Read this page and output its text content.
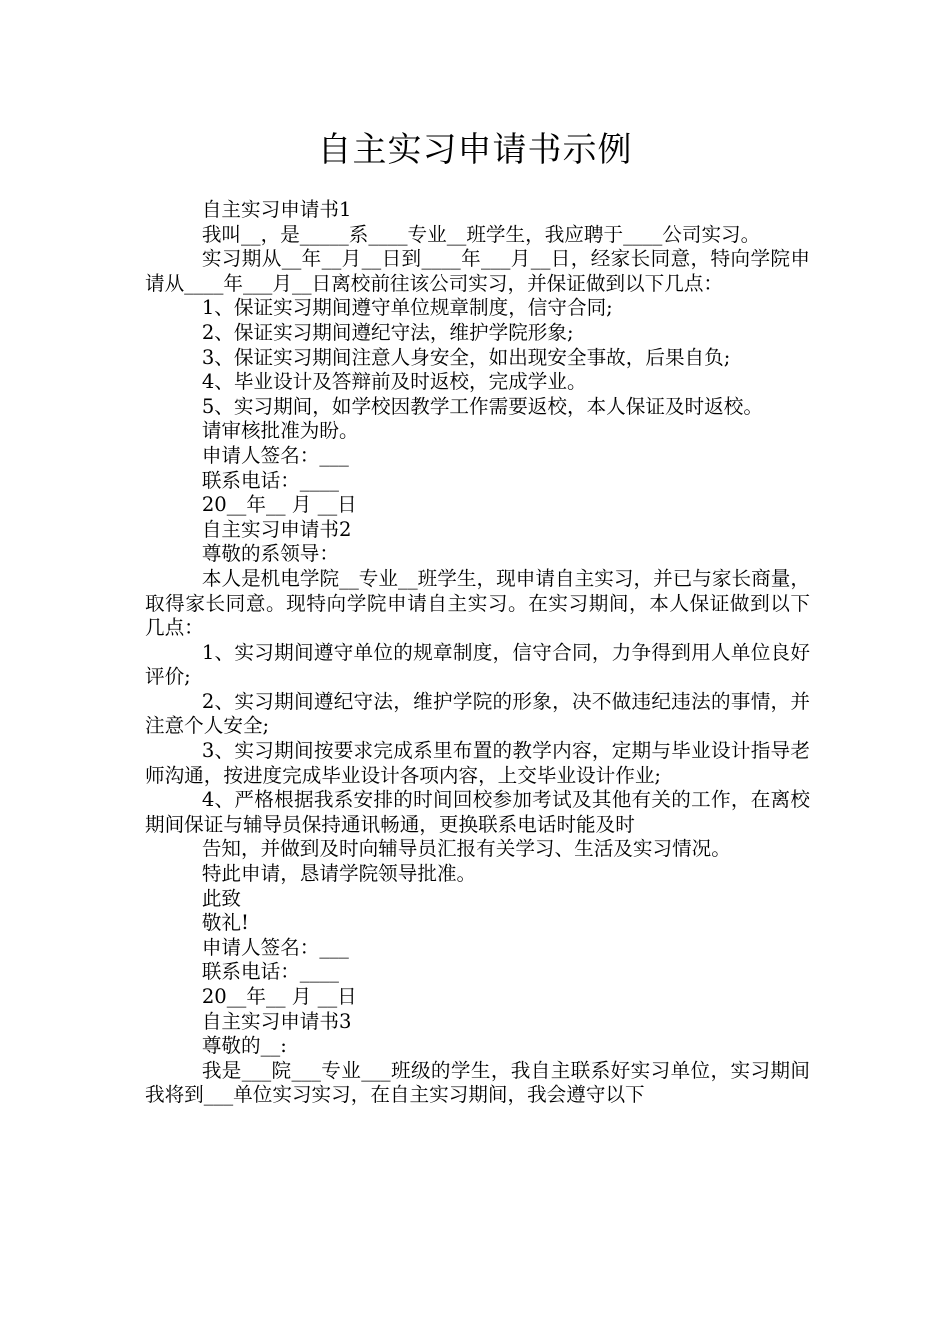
自主实习申请书示例

自主实习申请书1

我叫__，是_____系____专业__班学生，我应聘于____公司实习。

实习期从__年__月__日到____年___月__日，经家长同意，特向学院申请从____年___月__日离校前往该公司实习，并保证做到以下几点：

1、保证实习期间遵守单位规章制度，信守合同;

2、保证实习期间遵纪守法，维护学院形象;

3、保证实习期间注意人身安全，如出现安全事故，后果自负;

4、毕业设计及答辩前及时返校，完成学业。

5、实习期间，如学校因教学工作需要返校，本人保证及时返校。

请审核批准为盼。

申请人签名：___

联系电话：____

20__年__ 月 __日

自主实习申请书2

尊敬的系领导：

本人是机电学院__专业__班学生，现申请自主实习，并已与家长商量，取得家长同意。现特向学院申请自主实习。在实习期间，本人保证做到以下几点：

1、实习期间遵守单位的规章制度，信守合同，力争得到用人单位良好评价;

2、实习期间遵纪守法，维护学院的形象，决不做违纪违法的事情，并注意个人安全;

3、实习期间按要求完成系里布置的教学内容，定期与毕业设计指导老师沟通，按进度完成毕业设计各项内容，上交毕业设计作业;

4、严格根据我系安排的时间回校参加考试及其他有关的工作，在离校期间保证与辅导员保持通讯畅通，更换联系电话时能及时

告知，并做到及时向辅导员汇报有关学习、生活及实习情况。

特此申请，恳请学院领导批准。

此致

敬礼!

申请人签名：___

联系电话：____

20__年__ 月 __日

自主实习申请书3

尊敬的__:

我是___院___专业___班级的学生，我自主联系好实习单位，实习期间我将到___单位实习实习，在自主实习期间，我会遵守以下
